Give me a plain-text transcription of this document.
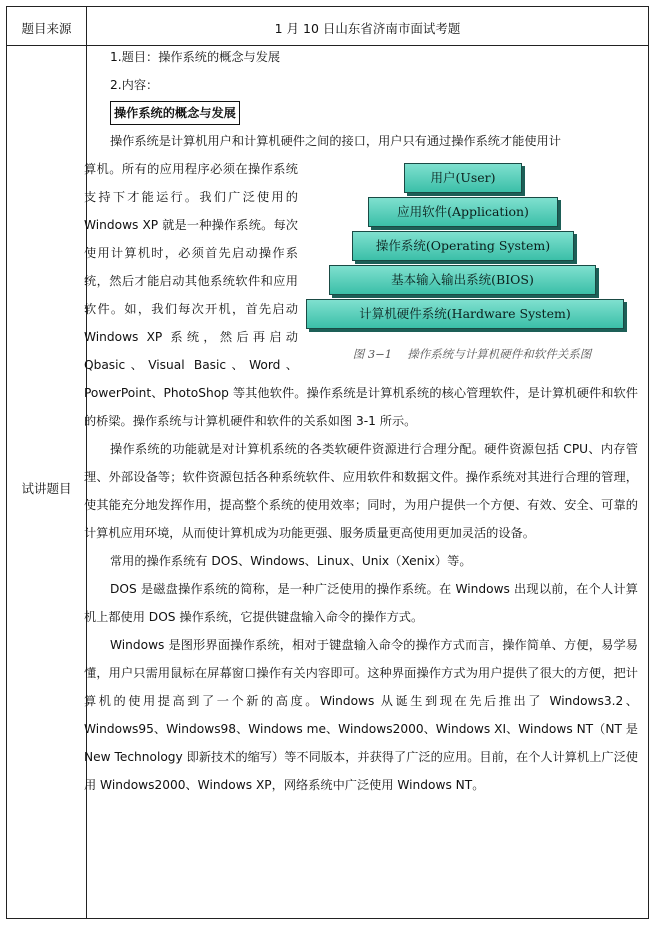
题目来源	1 月 10 日山东省济南市面试考题
试讲题目

1.题目：操作系统的概念与发展

2.内容：

操作系统的概念与发展

操作系统是计算机用户和计算机硬件之间的接口，用户只有通过操作系统才能使用计

用户(User)
应用软件(Application)
操作系统(Operating System)
基本输入输出系统(BIOS)
计算机硬件系统(Hardware System)
图 3−1　 操作系统与计算机硬件和软件关系图

算机。所有的应用程序必须在操作系统支持下才能运行。我们广泛使用的 Windows XP 就是一种操作系统。每次使用计算机时，必须首先启动操作系统，然后才能启动其他系统软件和应用软件。如，我们每次开机，首先启动 Windows XP 系统，然后再启动 Qbasic、Visual Basic、Word、PowerPoint、PhotoShop 等其他软件。操作系统是计算机系统的核心管理软件，是计算机硬件和软件的桥梁。操作系统与计算机硬件和软件的关系如图 3-1 所示。

操作系统的功能就是对计算机系统的各类软硬件资源进行合理分配。硬件资源包括 CPU、内存管理、外部设备等；软件资源包括各种系统软件、应用软件和数据文件。操作系统对其进行合理的管理，使其能充分地发挥作用，提高整个系统的使用效率；同时，为用户提供一个方便、有效、安全、可靠的计算机应用环境，从而使计算机成为功能更强、服务质量更高使用更加灵活的设备。

常用的操作系统有 DOS、Windows、Linux、Unix（Xenix）等。

DOS 是磁盘操作系统的简称，是一种广泛使用的操作系统。在 Windows 出现以前，在个人计算机上都使用 DOS 操作系统，它提供键盘输入命令的操作方式。

Windows 是图形界面操作系统，相对于键盘输入命令的操作方式而言，操作简单、方便，易学易懂，用户只需用鼠标在屏幕窗口操作有关内容即可。这种界面操作方式为用户提供了很大的方便，把计算机的使用提高到了一个新的高度。Windows 从诞生到现在先后推出了 Windows3.2、Windows95、Windows98、Windows me、Windows2000、Windows XI、Windows NT（NT 是 New Technology 即新技术的缩写）等不同版本，并获得了广泛的应用。目前，在个人计算机上广泛使用 Windows2000、Windows XP，网络系统中广泛使用 Windows NT。
